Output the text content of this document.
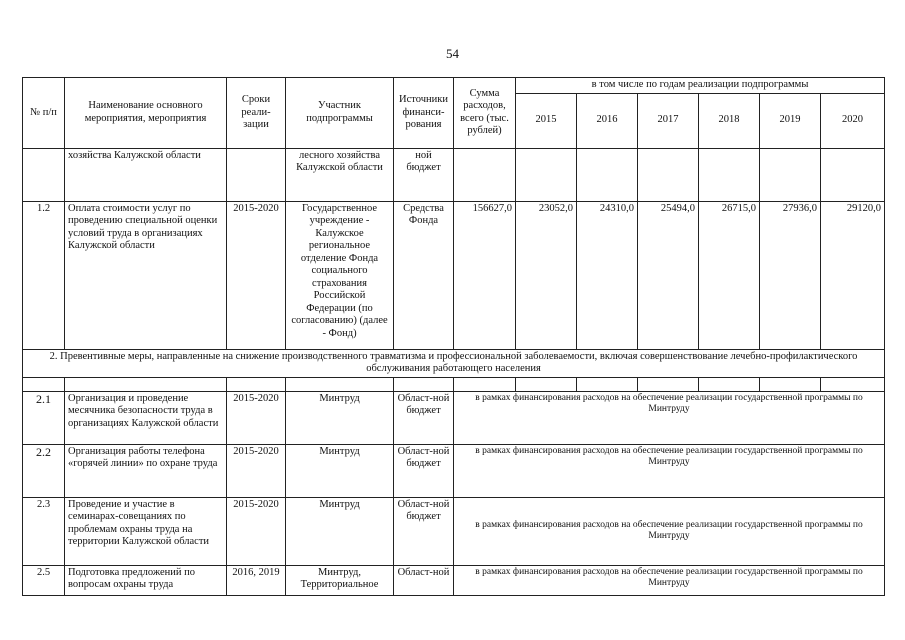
54
№ п/п	Наименование основного мероприятия, мероприятия	Сроки реали-зации	Участник подпрограммы	Источники финанси-рования	Сумма расходов, всего (тыс. рублей)	в том числе по годам реализации подпрограммы					
						2015	2016	2017	2018	2019	2020
	хозяйства Калужской области		лесного хозяйства Калужской области	ной бюджет							
1.2	Оплата стоимости услуг по проведению специальной оценки условий труда в организациях Калужской области	2015-2020	Государственное учреждение - Калужское региональное отделение Фонда социального страхования Российской Федерации (по согласованию) (далее - Фонд)	Средства Фонда	156627,0	23052,0	24310,0	25494,0	26715,0	27936,0	29120,0
2. Превентивные меры, направленные на снижение производственного травматизма и профессиональной заболеваемости, включая совершенствование лечебно-профилактического обслуживания работающего населения											

2.1	Организация и проведение месячника безопасности труда в организациях Калужской области	2015-2020	Минтруд	Област-ной бюджет	в рамках финансирования расходов на обеспечение реализации государственной программы по Минтруду						
2.2	Организация работы телефона «горячей линии» по охране труда	2015-2020	Минтруд	Област-ной бюджет	в рамках финансирования расходов на обеспечение реализации государственной программы по Минтруду						
2.3	Проведение и участие в семинарах-совещаниях по проблемам охраны труда на территории Калужской области	2015-2020	Минтруд	Област-ной бюджет	в рамках финансирования расходов на обеспечение реализации государственной программы по Минтруду						
2.5	Подготовка предложений по вопросам охраны труда	2016, 2019	Минтруд, Территориальное	Област-ной	в рамках финансирования расходов на обеспечение реализации государственной программы по Минтруду						
